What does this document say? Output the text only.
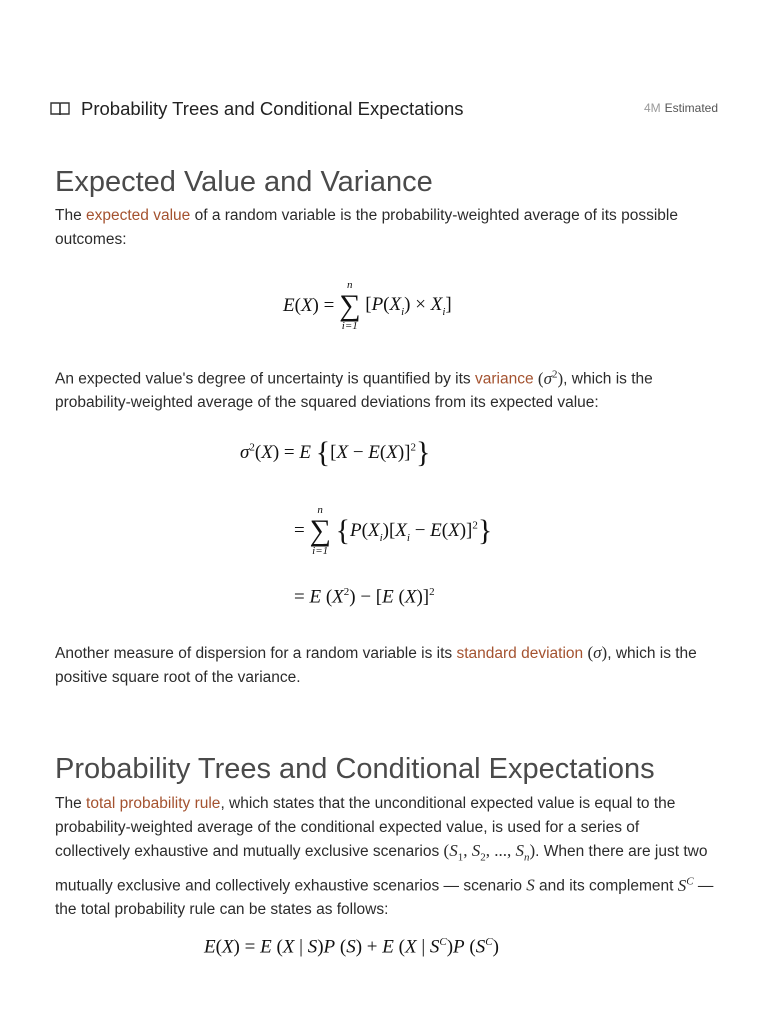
Probability Trees and Conditional Expectations	4M Estimated
Expected Value and Variance

The expected value of a random variable is the probability-weighted average of its possible outcomes:

E(X) =
n
∑
i=1
$[P(X_i) \times X_i]$

An expected value's degree of uncertainty is quantified by its variance $(\sigma^2)$, which is the probability-weighted average of the squared deviations from its expected value:

$\sigma^2(X) = E$ $\{[X - E(X)]^2\}$
=
n
∑
i=1
$\{P(X_i)[X_i - E(X)]^2\}$
= E $(X^2) - [E$ (X)]$^2$

Another measure of dispersion for a random variable is its standard deviation (σ), which is the positive square root of the variance.

Probability Trees and Conditional Expectations

The total probability rule, which states that the unconditional expected value is equal to the probability-weighted average of the conditional expected value, is used for a series of collectively exhaustive and mutually exclusive scenarios ($S_1$, $S_2$, ..., $S_n$). When there are just two mutually exclusive and collectively exhaustive scenarios — scenario S and its complement $S^C$ — the total probability rule can be states as follows:

E(X) = E (X | S)P (S) + E (X | $S^C)P$ $(S^C)$
